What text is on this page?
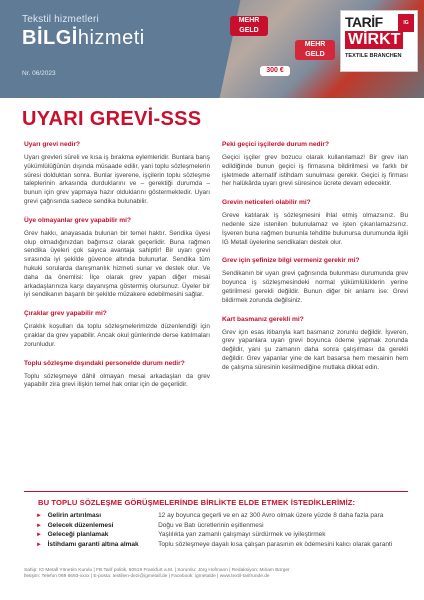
MEHR GELD
MEHR GELD
300 €
Tekstil hizmetleri
BİLGİhizmeti
Nr. 06/2023
TARİF	IG
WİRKT
TEXTILE BRANCHEN
UYARI GREVİ-SSS
Uyarı grevi nedir?
Uyarı grevleri süreli ve kısa iş bırakma eylemleridir. Bunlara barış yükümlülüğünün dışında müsaade edilir, yani toplu sözleşmelerin süresi dolduktan sonra. Bunlar işverene, işçilerin toplu sözleşme taleplerinin arkasında durduklarını ve – gerektiği durumda – bunun için grev yapmaya hazır olduklarını göstermektedir. Uyarı grevi çağrısında sadece sendika bulunabilir.
Üye olmayanlar grev yapabilir mi?
Grev hakkı, anayasada bulunan bir temel haktır. Sendika üyesi olup olmadığınızdan bağımsız olarak geçerlidir. Buna rağmen sendika üyeleri çok sayıca avantaja sahiptir! Bir uyarı grevi sırasında iyi şekilde güvence altında bulunurlar. Sendika tüm hukuki sorularda danışmanlık hizmeti sunar ve destek olur. Ve daha da önemlisi: İlçe olarak grev yapan diğer mesai arkadaşlarınıza karşı dayanışma göstermiş olursunuz. Üyeler bir iyi sendikanın başarılı bir şekilde müzakere edebilmesini sağlar.
Çıraklar grev yapabilir mi?
Çıraklık koşulları da toplu sözleşmelerimizde düzenlendiği için çıraklar da grev yapabilir. Ancak okul günlerinde derse katılmaları zorunludur.
Toplu sözleşme dışındaki personelde durum nedir?
Toplu sözleşmeye dâhil olmayan mesai arkadaşları da grev yapabilir zira grevi ilişkin temel hak onlar için de geçerlidir.
Peki geçici işçilerde durum nedir?
Geçici işçiler grev bozucu olarak kullanılamaz! Bir grev ilan edildiğinde bunun geçici iş firmasına bildirilmesi ve farklı bir işletmede alternatif istihdam sunulması gerekir. Geçici iş firması her halükârda uyarı grevi süresince ücrete devam edecektir.
Grevin neticeleri olabilir mi?
Greve katılarak iş sözleşmesini ihlal etmiş olmazsınız. Bu nedenle size istenilen bulunulamaz ve işten çıkarılamazsınız. İşveren buna rağmen bununla tehditte bulunursa durumunda ilgili IG Metall üyelerine sendikaları destek olur.
Grev için şefinize bilgi vermeniz gerekir mi?
Sendikanın bir uyarı grevi çağrısında bulunması durumunda grev boyunca iş sözleşmesindeki normal yükümlülüklerin yerine getirilmesi gerekli değildir. Bunun diğer bir anlamı ise: Grevi bildirmek zorunda değilsiniz.
Kart basmanız gerekli mi?
Grev için esas itibarıyla kart basmanız zorunlu değildir. İşveren, grev yapanlara uyarı grevi boyunca ödeme yapmak zorunda değildir, yani şu zamanın daha sonra çalışılması da gerekli değildir. Grev yapanlar yine de kart basarsa hem mesainin hem de çalışma süresinin kesilmediğine mutlaka dikkat edin.
BU TOPLU SÖZLEŞME GÖRÜŞMELERİNDE BİRLİKTE ELDE ETMEK İSTEDİKLERİMİZ:
► Gelirin artırılması	12 ay boyunca geçerli ve en az 300 Avro olmak üzere yüzde 8 daha fazla para
► Gelecek düzenlemesi	Doğu ve Batı ücretlerinin eşitlenmesi
► Geleceği planlamak	Yaşlılıkta yarı zamanlı çalışmayı sürdürmek ve iyileştirmek
► İstihdamı garanti altına almak	Toplu sözleşmeye dayalı kısa çalışan parasının ek ödemesini kalıcı olarak garanti
Sahip: IG Metall Yönetim Kurulu | FB Tarif politik, 60519 Frankfurt a.M. | Sorumlu: Jörg Hofmann | Redaksiyon: Miriam Bürger
İletişim: Telefon 069 6693-xxxx | E-posta: textilien-dezi@igmetall.de | Facebook: igmetalde | www.textil-tarifrunde.de
